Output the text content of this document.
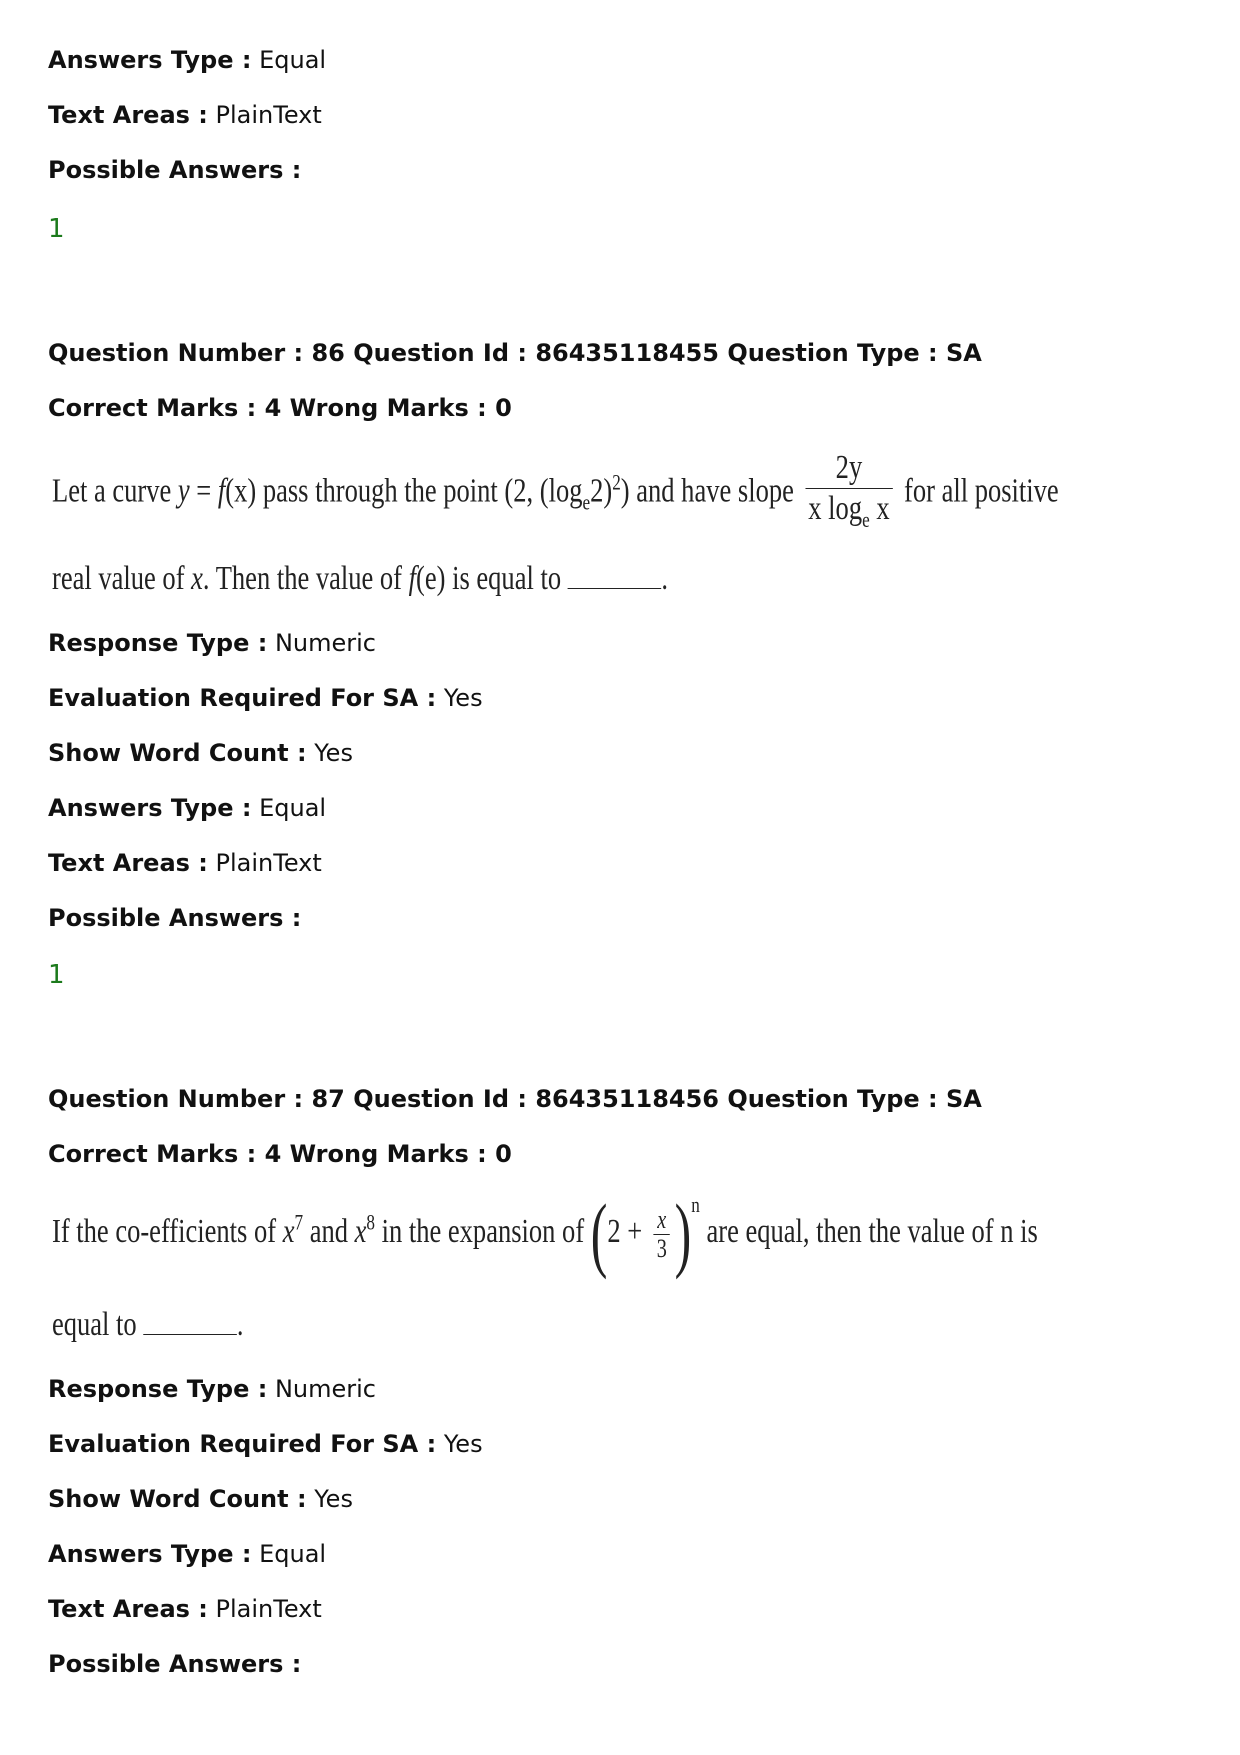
Answers Type : Equal
Text Areas : PlainText
Possible Answers :
1
Question Number : 86 Question Id : 86435118455 Question Type : SA
Correct Marks : 4 Wrong Marks : 0
Let a curve y = f(x) pass through the point (2, $(\log_e2)^2$) and have slope $\frac{2y}{x \log_e x}$ for all positive
real value of x. Then the value of f(e) is equal to	.
Response Type : Numeric
Evaluation Required For SA : Yes
Show Word Count : Yes
Answers Type : Equal
Text Areas : PlainText
Possible Answers :
1
Question Number : 87 Question Id : 86435118456 Question Type : SA
Correct Marks : 4 Wrong Marks : 0
If the co-efficients of $x^7$ and $x^8$ in the expansion of $(2 + \frac{x}{3} )^n$ are equal, then the value of n is
equal to	.
Response Type : Numeric
Evaluation Required For SA : Yes
Show Word Count : Yes
Answers Type : Equal
Text Areas : PlainText
Possible Answers :
